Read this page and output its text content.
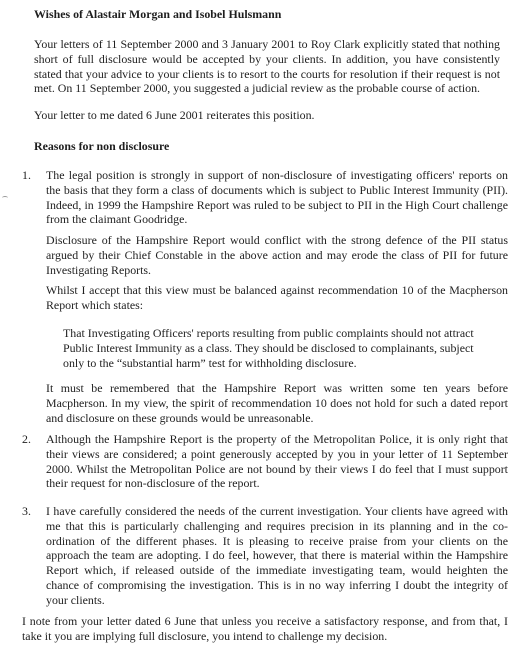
Wishes of Alastair Morgan and Isobel Hulsmann

Your letters of 11 September 2000 and 3 January 2001 to Roy Clark explicitly stated that nothing short of full disclosure would be accepted by your clients. In addition, you have consistently stated that your advice to your clients is to resort to the courts for resolution if their request is not met. On 11 September 2000, you suggested a judicial review as the probable course of action.

Your letter to me dated 6 June 2001 reiterates this position.

Reasons for non disclosure
1. The legal position is strongly in support of non-disclosure of investigating officers' reports on the basis that they form a class of documents which is subject to Public Interest Immunity (PII). Indeed, in 1999 the Hampshire Report was ruled to be subject to PII in the High Court challenge from the claimant Goodridge.

Disclosure of the Hampshire Report would conflict with the strong defence of the PII status argued by their Chief Constable in the above action and may erode the class of PII for future Investigating Reports.

Whilst I accept that this view must be balanced against recommendation 10 of the Macpherson Report which states:

That Investigating Officers' reports resulting from public complaints should not attract Public Interest Immunity as a class. They should be disclosed to complainants, subject only to the “substantial harm” test for withholding disclosure.

It must be remembered that the Hampshire Report was written some ten years before Macpherson. In my view, the spirit of recommendation 10 does not hold for such a dated report and disclosure on these grounds would be unreasonable.

2. Although the Hampshire Report is the property of the Metropolitan Police, it is only right that their views are considered; a point generously accepted by you in your letter of 11 September 2000. Whilst the Metropolitan Police are not bound by their views I do feel that I must support their request for non-disclosure of the report.

3. I have carefully considered the needs of the current investigation. Your clients have agreed with me that this is particularly challenging and requires precision in its planning and in the co-ordination of the different phases. It is pleasing to receive praise from your clients on the approach the team are adopting. I do feel, however, that there is material within the Hampshire Report which, if released outside of the immediate investigating team, would heighten the chance of compromising the investigation. This is in no way inferring I doubt the integrity of your clients.

I note from your letter dated 6 June that unless you receive a satisfactory response, and from that, I take it you are implying full disclosure, you intend to challenge my decision.
